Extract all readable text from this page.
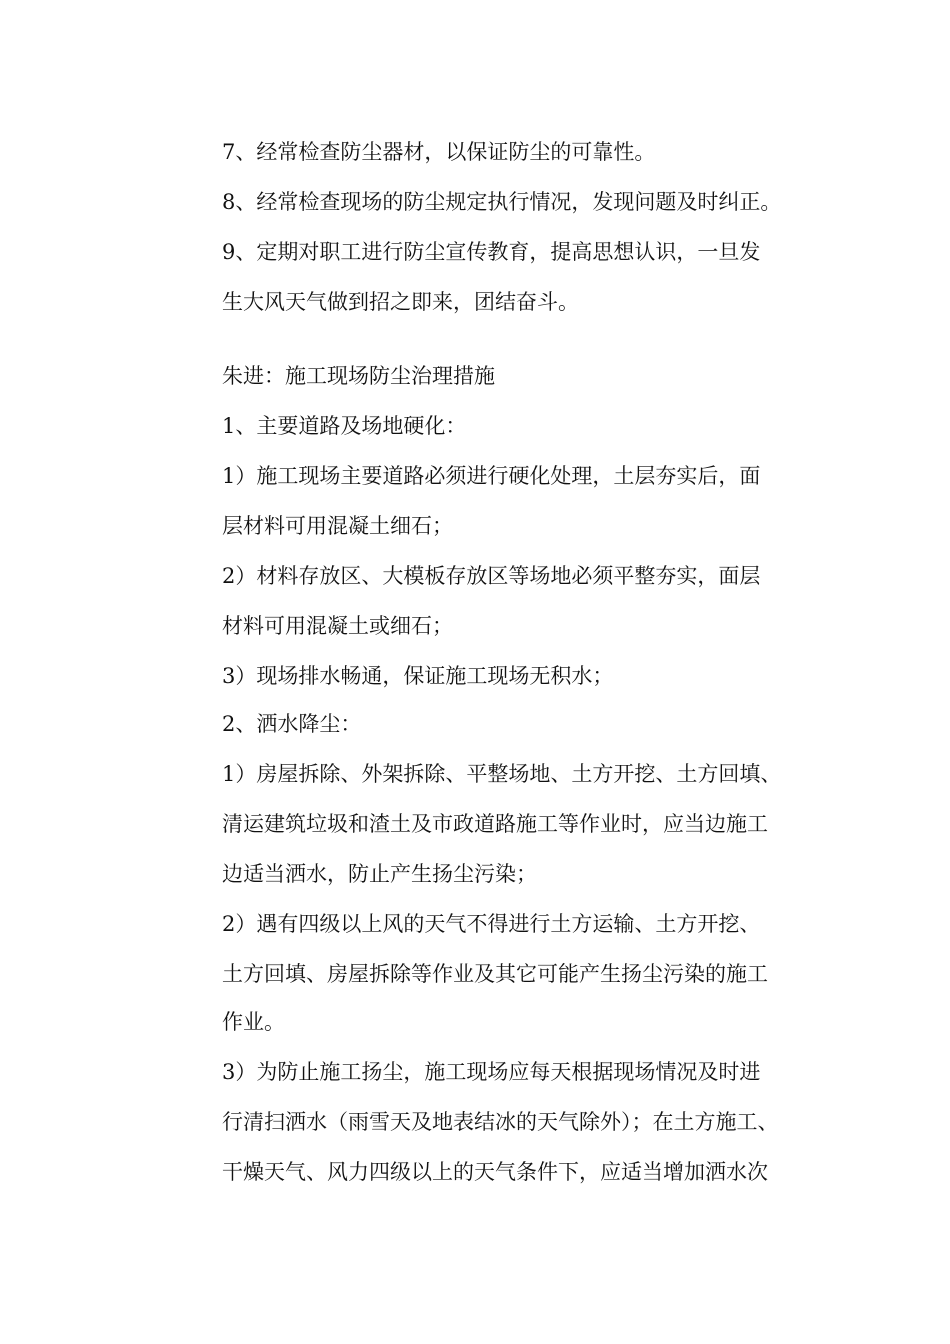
7、经常检查防尘器材，以保证防尘的可靠性。
8、经常检查现场的防尘规定执行情况，发现问题及时纠正。
9、定期对职工进行防尘宣传教育，提高思想认识，一旦发
生大风天气做到招之即来，团结奋斗。
朱进：施工现场防尘治理措施
1、主要道路及场地硬化：
1）施工现场主要道路必须进行硬化处理，土层夯实后，面
层材料可用混凝土细石；
2）材料存放区、大模板存放区等场地必须平整夯实，面层
材料可用混凝土或细石；
3）现场排水畅通，保证施工现场无积水；
2、洒水降尘：
1）房屋拆除、外架拆除、平整场地、土方开挖、土方回填、
清运建筑垃圾和渣土及市政道路施工等作业时，应当边施工
边适当洒水，防止产生扬尘污染；
2）遇有四级以上风的天气不得进行土方运输、土方开挖、
土方回填、房屋拆除等作业及其它可能产生扬尘污染的施工
作业。
3）为防止施工扬尘，施工现场应每天根据现场情况及时进
行清扫洒水（雨雪天及地表结冰的天气除外）；在土方施工、
干燥天气、风力四级以上的天气条件下，应适当增加洒水次
